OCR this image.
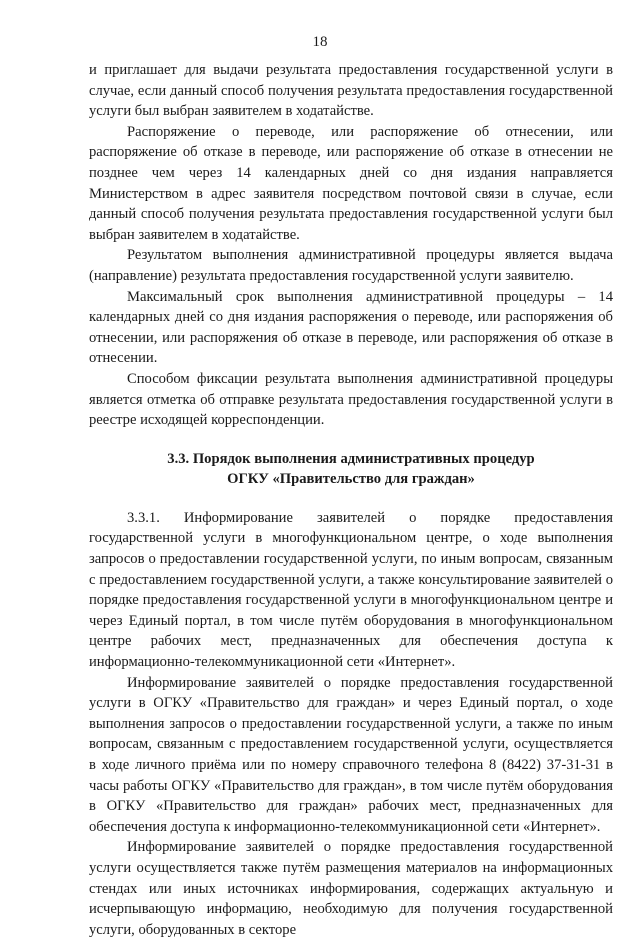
18

и приглашает для выдачи результата предоставления государственной услуги в случае, если данный способ получения результата предоставления государственной услуги был выбран заявителем в ходатайстве.

Распоряжение о переводе, или распоряжение об отнесении, или распоряжение об отказе в переводе, или распоряжение об отказе в отнесении не позднее чем через 14 календарных дней со дня издания направляется Министерством в адрес заявителя посредством почтовой связи в случае, если данный способ получения результата предоставления государственной услуги был выбран заявителем в ходатайстве.

Результатом выполнения административной процедуры является выдача (направление) результата предоставления государственной услуги заявителю.

Максимальный срок выполнения административной процедуры – 14 календарных дней со дня издания распоряжения о переводе, или распоряжения об отнесении, или распоряжения об отказе в переводе, или распоряжения об отказе в отнесении.

Способом фиксации результата выполнения административной процедуры является отметка об отправке результата предоставления государственной услуги в реестре исходящей корреспонденции.

3.3. Порядок выполнения административных процедур
ОГКУ «Правительство для граждан»

3.3.1. Информирование заявителей о порядке предоставления государственной услуги в многофункциональном центре, о ходе выполнения запросов о предоставлении государственной услуги, по иным вопросам, связанным с предоставлением государственной услуги, а также консультирование заявителей о порядке предоставления государственной услуги в многофункциональном центре и через Единый портал, в том числе путём оборудования в многофункциональном центре рабочих мест, предназначенных для обеспечения доступа к информационно-телекоммуникационной сети «Интернет».

Информирование заявителей о порядке предоставления государственной услуги в ОГКУ «Правительство для граждан» и через Единый портал, о ходе выполнения запросов о предоставлении государственной услуги, а также по иным вопросам, связанным с предоставлением государственной услуги, осуществляется в ходе личного приёма или по номеру справочного телефона 8 (8422) 37-31-31 в часы работы ОГКУ «Правительство для граждан», в том числе путём оборудования в ОГКУ «Правительство для граждан» рабочих мест, предназначенных для обеспечения доступа к информационно-телекоммуникационной сети «Интернет».

Информирование заявителей о порядке предоставления государственной услуги осуществляется также путём размещения материалов на информационных стендах или иных источниках информирования, содержащих актуальную и исчерпывающую информацию, необходимую для получения государственной услуги, оборудованных в секторе
